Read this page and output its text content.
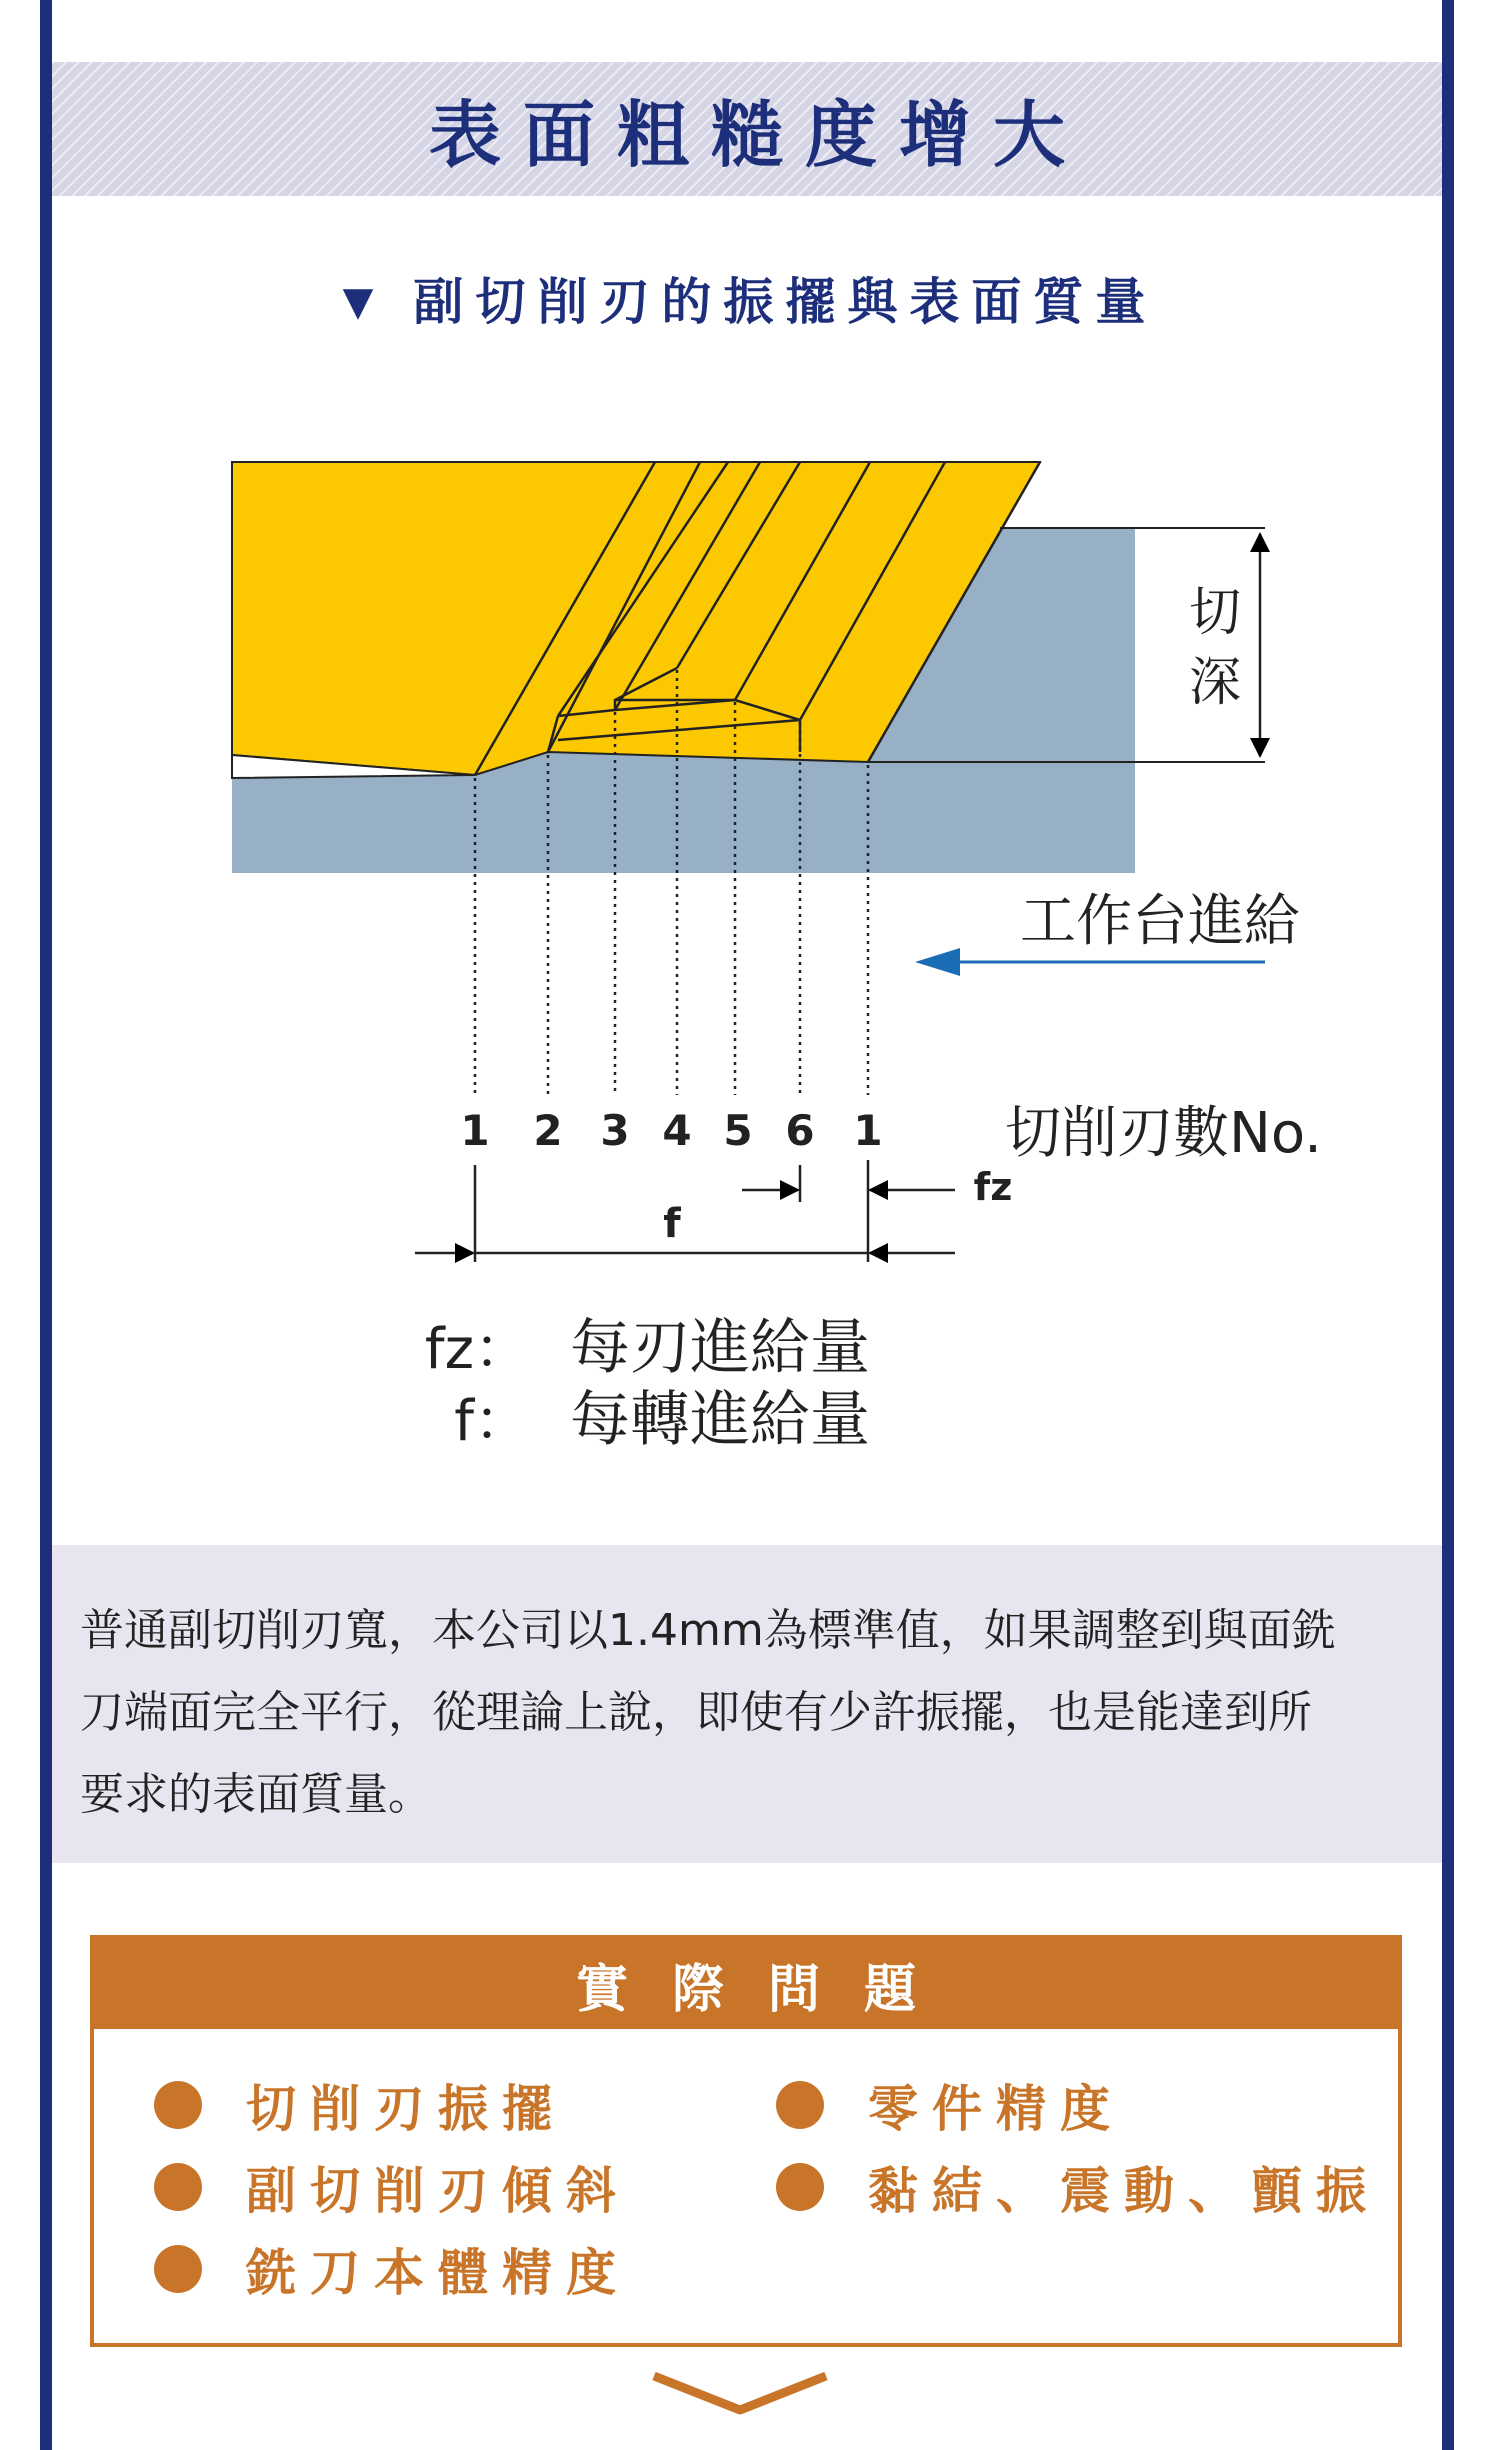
表面粗糙度增大
▼ 副切削刃的振擺與表面質量
切
深
工作台進給
1 2 3 4 5 6 1 切削刃數No.
fz
f
fz： 每刃進給量
f： 每轉進給量
普通副切削刃寬，本公司以1.4mm為標準值，如果調整到與面銑
刀端面完全平行，從理論上說，即使有少許振擺，也是能達到所
要求的表面質量。
實際問題
切削刃振擺
副切削刃傾斜
銑刀本體精度
零件精度
黏結、震動、顫振
